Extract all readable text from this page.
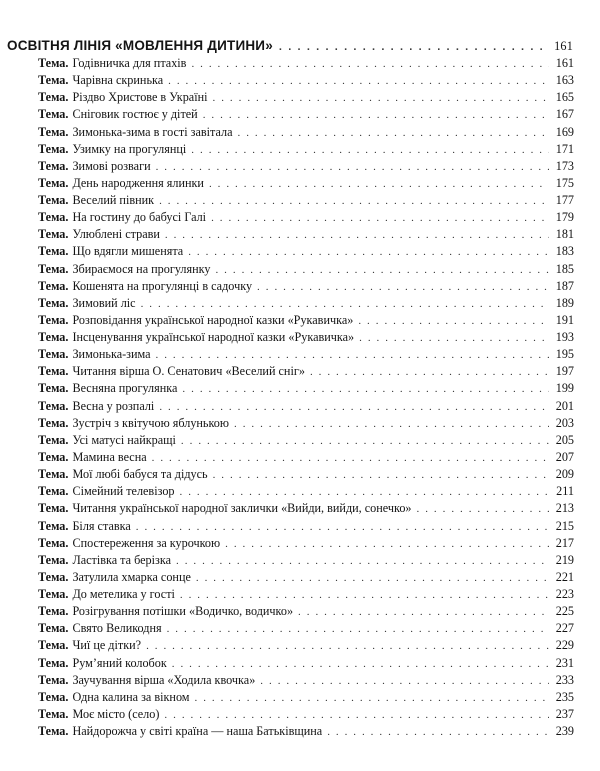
ОСВІТНЯ ЛІНІЯ «МОВЛЕННЯ ДИТИНИ» . . .	161
Тема. Годівничка для птахів . . .	161
Тема. Чарівна скринька . . .	163
Тема. Різдво Христове в Україні . . .	165
Тема. Сніговик гостює у дітей . . .	167
Тема. Зимонька-зима в гості завітала . . .	169
Тема. Узимку на прогулянці . . .	171
Тема. Зимові розваги . . .	173
Тема. День народження ялинки . . .	175
Тема. Веселий півник . . .	177
Тема. На гостину до бабусі Галі . . .	179
Тема. Улюблені страви . . .	181
Тема. Що вдягли мишенята . . .	183
Тема. Збираємося на прогулянку . . .	185
Тема. Кошенята на прогулянці в садочку . . .	187
Тема. Зимовий ліс . . .	189
Тема. Розповідання української народної казки «Рукавичка» . . .	191
Тема. Інсценування української народної казки «Рукавичка» . . .	193
Тема. Зимонька-зима . . .	195
Тема. Читання вірша О. Сенатович «Веселий сніг» . . .	197
Тема. Весняна прогулянка . . .	199
Тема. Весна у розпалі . . .	201
Тема. Зустріч з квітучою яблунькою . . .	203
Тема. Усі матусі найкращі . . .	205
Тема. Мамина весна . . .	207
Тема. Мої любі бабуся та дідусь . . .	209
Тема. Сімейний телевізор . . .	211
Тема. Читання української народної заклички «Вийди, вийди, сонечко» . . .	213
Тема. Біля ставка . . .	215
Тема. Спостереження за курочкою . . .	217
Тема. Ластівка та берізка . . .	219
Тема. Затулила хмарка сонце . . .	221
Тема. До метелика у гості . . .	223
Тема. Розігрування потішки «Водичко, водичко» . . .	225
Тема. Свято Великодня . . .	227
Тема. Чиї це дітки? . . .	229
Тема. Рум’яний колобок . . .	231
Тема. Заучування вірша «Ходила квочка» . . .	233
Тема. Одна калина за вікном . . .	235
Тема. Моє місто (село) . . .	237
Тема. Найдорожча у світі країна — наша Батьківщина . . .	239
